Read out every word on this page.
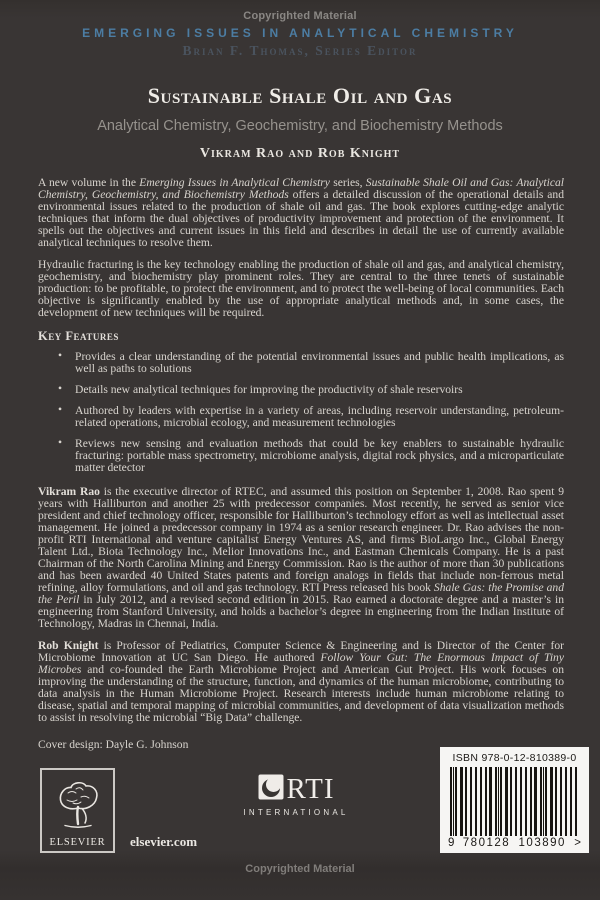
Copyrighted Material
EMERGING ISSUES IN ANALYTICAL CHEMISTRY
Brian F. Thomas, Series Editor
Sustainable Shale Oil and Gas
Analytical Chemistry, Geochemistry, and Biochemistry Methods
Vikram Rao and Rob Knight

A new volume in the Emerging Issues in Analytical Chemistry series, Sustainable Shale Oil and Gas: Analytical Chemistry, Geochemistry, and Biochemistry Methods offers a detailed discussion of the operational details and environmental issues related to the production of shale oil and gas. The book explores cutting-edge analytic techniques that inform the dual objectives of productivity improvement and protection of the environment. It spells out the objectives and current issues in this field and describes in detail the use of currently available analytical techniques to resolve them.

Hydraulic fracturing is the key technology enabling the production of shale oil and gas, and analytical chemistry, geochemistry, and biochemistry play prominent roles. They are central to the three tenets of sustainable production: to be profitable, to protect the environment, and to protect the well-being of local communities. Each objective is significantly enabled by the use of appropriate analytical methods and, in some cases, the development of new techniques will be required.

Key Features
• Provides a clear understanding of the potential environmental issues and public health implications, as well as paths to solutions
• Details new analytical techniques for improving the productivity of shale reservoirs
• Authored by leaders with expertise in a variety of areas, including reservoir understanding, petroleum-related operations, microbial ecology, and measurement technologies
• Reviews new sensing and evaluation methods that could be key enablers to sustainable hydraulic fracturing: portable mass spectrometry, microbiome analysis, digital rock physics, and a microparticulate matter detector

Vikram Rao is the executive director of RTEC, and assumed this position on September 1, 2008. Rao spent 9 years with Halliburton and another 25 with predecessor companies. Most recently, he served as senior vice president and chief technology officer, responsible for Halliburton’s technology effort as well as intellectual asset management. He joined a predecessor company in 1974 as a senior research engineer. Dr. Rao advises the non-profit RTI International and venture capitalist Energy Ventures AS, and firms BioLargo Inc., Global Energy Talent Ltd., Biota Technology Inc., Melior Innovations Inc., and Eastman Chemicals Company. He is a past Chairman of the North Carolina Mining and Energy Commission. Rao is the author of more than 30 publications and has been awarded 40 United States patents and foreign analogs in fields that include non-ferrous metal refining, alloy formulations, and oil and gas technology. RTI Press released his book Shale Gas: the Promise and the Peril in July 2012, and a revised second edition in 2015. Rao earned a doctorate degree and a master’s in engineering from Stanford University, and holds a bachelor’s degree in engineering from the Indian Institute of Technology, Madras in Chennai, India.

Rob Knight is Professor of Pediatrics, Computer Science & Engineering and is Director of the Center for Microbiome Innovation at UC San Diego. He authored Follow Your Gut: The Enormous Impact of Tiny Microbes and co-founded the Earth Microbiome Project and American Gut Project. His work focuses on improving the understanding of the structure, function, and dynamics of the human microbiome, contributing to data analysis in the Human Microbiome Project. Research interests include human microbiome relating to disease, spatial and temporal mapping of microbial communities, and development of data visualization methods to assist in resolving the microbial “Big Data” challenge.

Cover design: Dayle G. Johnson
ELSEVIER elsevier.com
RTI
INTERNATIONAL
ISBN 978-0-12-810389-0
9 780128 103890 >
Copyrighted Material
